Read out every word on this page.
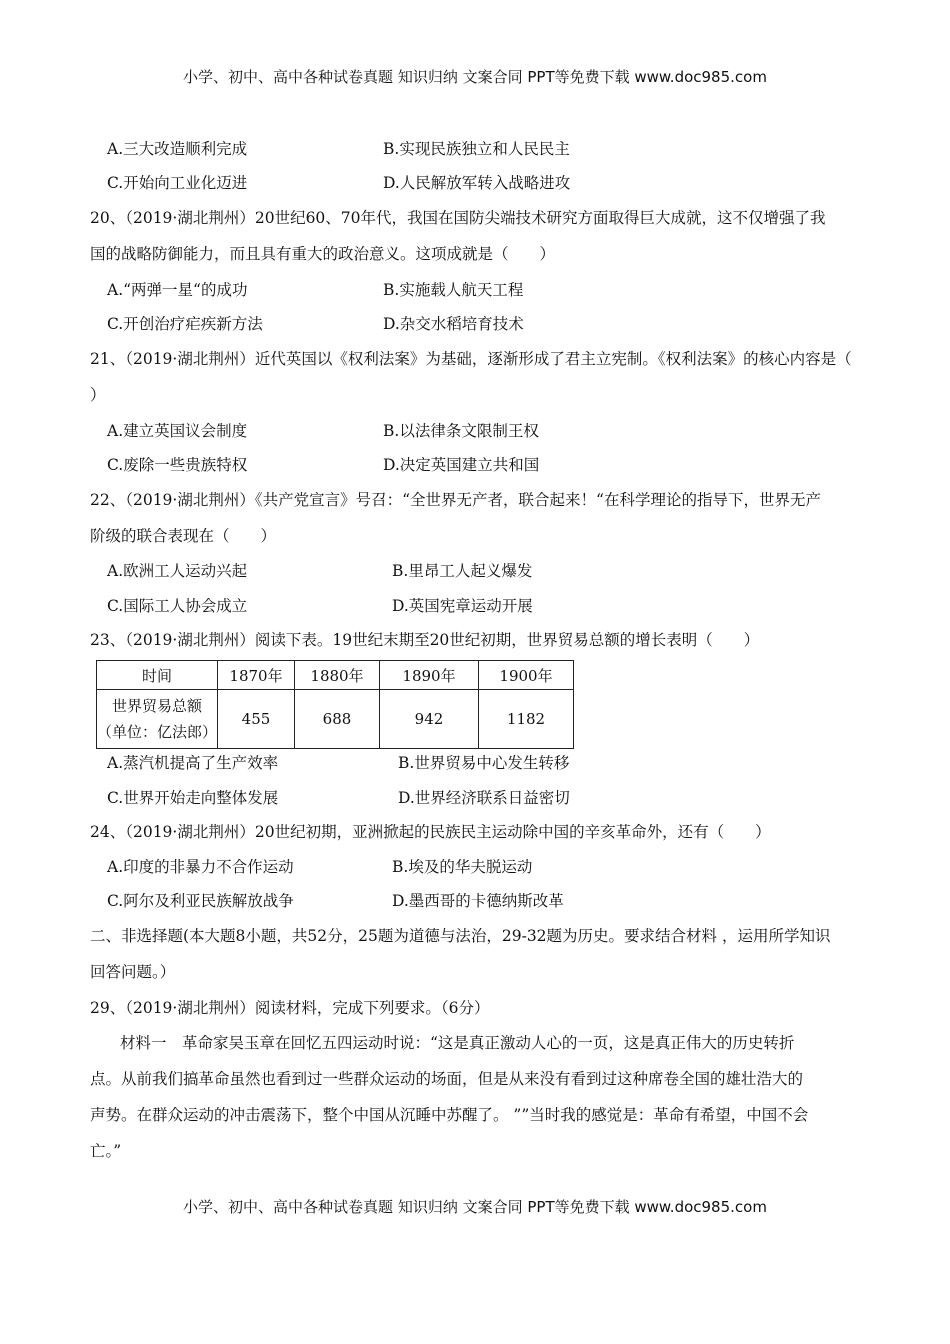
小学、初中、高中各种试卷真题 知识归纳 文案合同 PPT等免费下载 www.doc985.com
A.三大改造顺利完成	B.实现民族独立和人民民主
C.开始向工业化迈进	D.人民解放军转入战略进攻
20、（2019·湖北荆州）20世纪60、70年代，我国在国防尖端技术研究方面取得巨大成就，这不仅增强了我
国的战略防御能力，而且具有重大的政治意义。这项成就是（　　）
A.“两弹一星“的成功	B.实施载人航天工程
C.开创治疗疟疾新方法	D.杂交水稻培育技术
21、（2019·湖北荆州）近代英国以《权利法案》为基础，逐渐形成了君主立宪制。《权利法案》的核心内容是（
）
A.建立英国议会制度	B.以法律条文限制王权
C.废除一些贵族特权	D.决定英国建立共和国
22、（2019·湖北荆州）《共产党宣言》号召：“全世界无产者，联合起来！“在科学理论的指导下，世界无产
阶级的联合表现在（　　）
A.欧洲工人运动兴起	B.里昂工人起义爆发
C.国际工人协会成立	D.英国宪章运动开展
23、（2019·湖北荆州）阅读下表。19世纪末期至20世纪初期，世界贸易总额的增长表明（　　）
时间	1870年	1880年	1890年	1900年

世界贸易总额
（单位：亿法郎）	455	688	942	1182
A.蒸汽机提高了生产效率	B.世界贸易中心发生转移
C.世界开始走向整体发展	D.世界经济联系日益密切
24、（2019·湖北荆州）20世纪初期，亚洲掀起的民族民主运动除中国的辛亥革命外，还有（　　）
A.印度的非暴力不合作运动	B.埃及的华夫脱运动
C.阿尔及利亚民族解放战争	D.墨西哥的卡德纳斯改革
二、非选择题(本大题8小题，共52分，25题为道德与法治，29-32题为历史。要求结合材料 ，运用所学知识
回答问题。）
29、（2019·湖北荆州）阅读材料，完成下列要求。（6分）
材料一　革命家吴玉章在回忆五四运动时说：“这是真正激动人心的一页，这是真正伟大的历史转折
点。从前我们搞革命虽然也看到过一些群众运动的场面，但是从来没有看到过这种席卷全国的雄壮浩大的
声势。在群众运动的冲击震荡下，整个中国从沉睡中苏醒了。 ””当时我的感觉是：革命有希望，中国不会
亡。”
小学、初中、高中各种试卷真题 知识归纳 文案合同 PPT等免费下载 www.doc985.com
